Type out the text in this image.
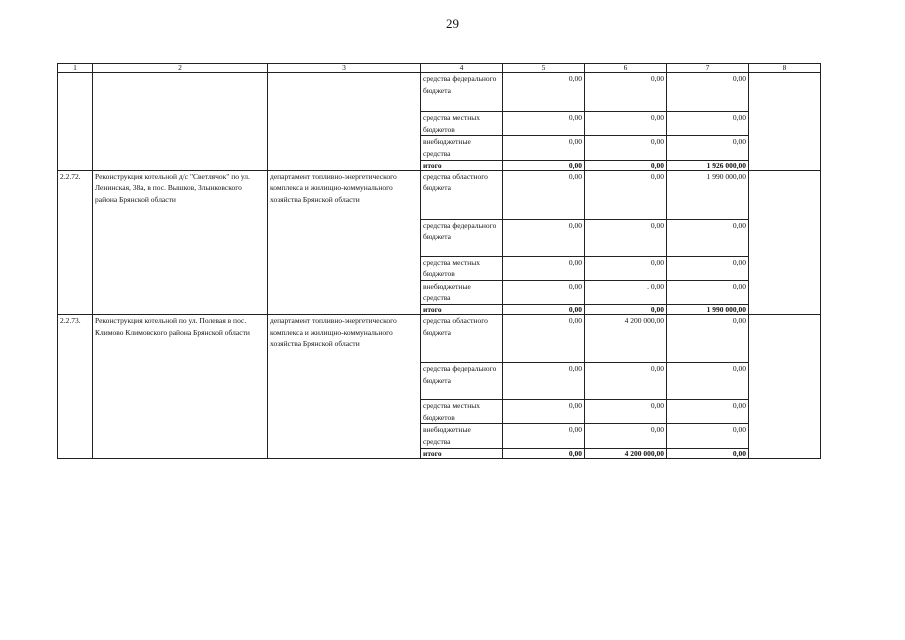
29
1	2	3	4	5	6	7	8
			средства федерального бюджета	0,00	0,00	0,00	
			средства местных бюджетов	0,00	0,00	0,00	
			внебюджетные средства	0,00	0,00	0,00	
			итого	0,00	0,00	1 926 000,00	
2.2.72.	Реконструкция котельной д/с "Светлячок" по ул. Ленинская, 38а, в пос. Вышков, Злынковского района Брянской области	департамент топливно-энергетического комплекса и жилищно-коммунального хозяйства Брянской области	средства областного бюджета	0,00	0,00	1 990 000,00	
			средства федерального бюджета	0,00	0,00	0,00	
			средства местных бюджетов	0,00	0,00	0,00	
			внебюджетные средства	0,00	. 0,00	0,00	
			итого	0,00	0,00	1 990 000,00	
2.2.73.	Реконструкция котельной по ул. Полевая в пос. Климово Климовского района Брянской области	департамент топливно-энергетического комплекса и жилищно-коммунального хозяйства Брянской области	средства областного бюджета	0,00	4 200 000,00	0,00	
			средства федерального бюджета	0,00	0,00	0,00	
			средства местных бюджетов	0,00	0,00	0,00	
			внебюджетные средства	0,00	0,00	0,00	
			итого	0,00	4 200 000,00	0,00	
